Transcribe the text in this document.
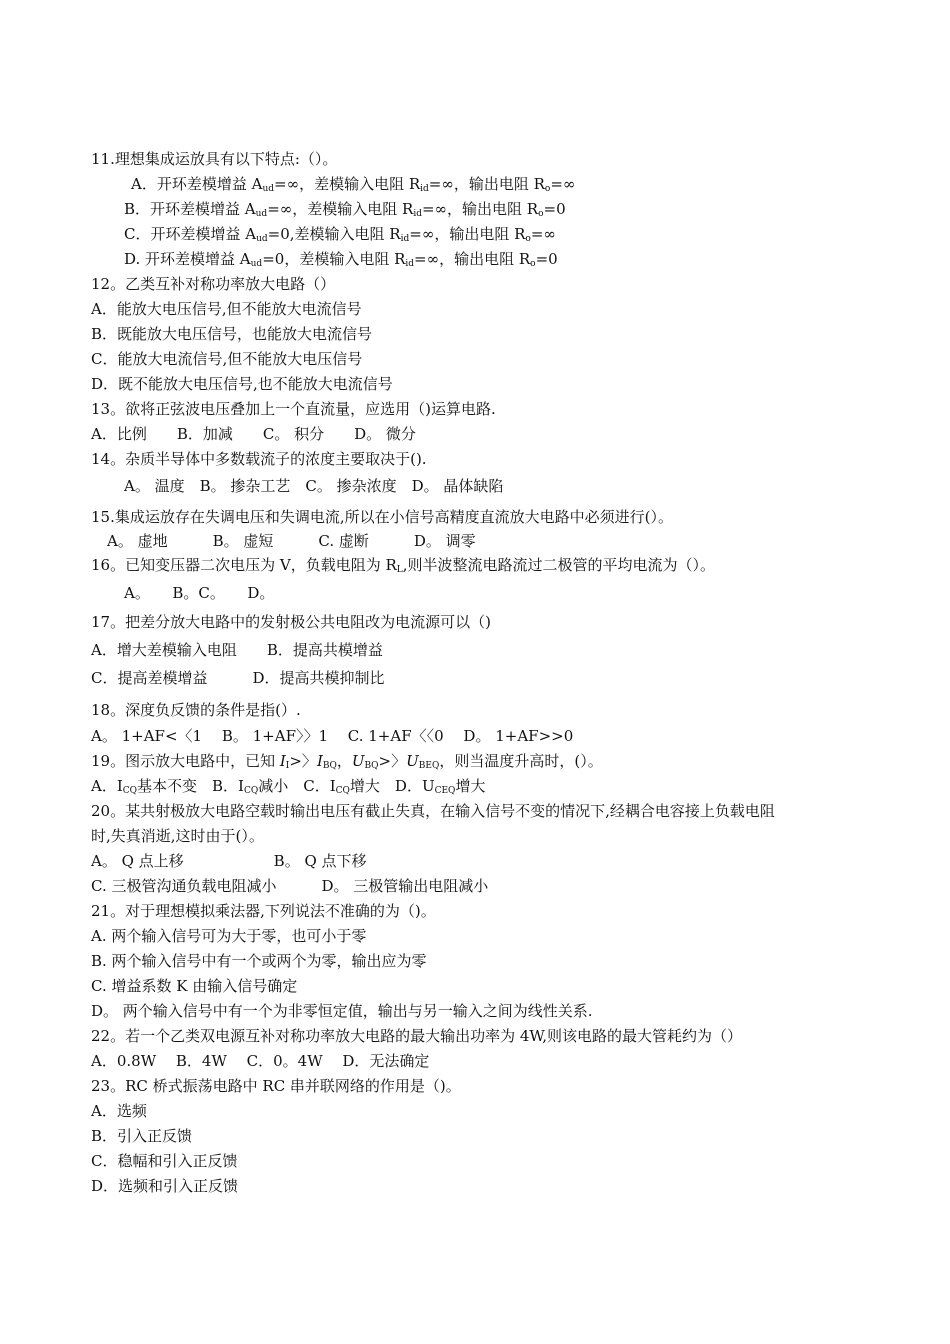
11.理想集成运放具有以下特点:（）。
A．开环差模增益 $A_{ud}=\infty$，差模输入电阻 $R_{id}=\infty$，输出电阻 $R_o=\infty$
B．开环差模增益 $A_{ud}=\infty$，差模输入电阻 $R_{id}=\infty$，输出电阻 $R_o=0$
C．开环差模增益 $A_{ud}=0$,差模输入电阻 $R_{id}=\infty$，输出电阻 $R_o=\infty$
D. 开环差模增益 $A_{ud}=0$，差模输入电阻 $R_{id}=\infty$，输出电阻 $R_o=0$
12。乙类互补对称功率放大电路（）
A．能放大电压信号,但不能放大电流信号
B．既能放大电压信号，也能放大电流信号
C．能放大电流信号,但不能放大电压信号
D．既不能放大电压信号,也不能放大电流信号
13。欲将正弦波电压叠加上一个直流量，应选用（)运算电路.
A．比例　　B．加减　　C。 积分　　D。 微分
14。杂质半导体中多数载流子的浓度主要取决于().
A。 温度　B。 掺杂工艺　C。 掺杂浓度　D。 晶体缺陷
15.集成运放存在失调电压和失调电流,所以在小信号高精度直流放大电路中必须进行(）。
A。 虚地　　　B。 虚短　　　C. 虚断　　　D。 调零
16。已知变压器二次电压为 V，负载电阻为 $R_L$,则半波整流电路流过二极管的平均电流为（）。
A。　　B。C。　　D。
17。把差分放大电路中的发射极公共电阻改为电流源可以（)
A．增大差模输入电阻　　B．提高共模增益
C．提高差模增益　　　D．提高共模抑制比
18。深度负反馈的条件是指(）.
A。 1+AF<〈1　 B。 1+AF〉〉1　 C. 1+AF〈〈0　 D。 1+AF>>0
19。图示放大电路中，已知 $I_I>$〉$I_{BQ}$，$U_{BQ}>$〉$U_{BEQ}$，则当温度升高时，(）。
A．$I_{CQ}$基本不变　B．$I_{CQ}$减小　C．$I_{CQ}$增大　D．$U_{CEQ}$增大
20。某共射极放大电路空载时输出电压有截止失真，在输入信号不变的情况下,经耦合电容接上负载电阻
时,失真消逝,这时由于(）。
A。 Q 点上移　　　　　　B。 Q 点下移
C. 三极管沟通负载电阻减小　　　D。 三极管输出电阻减小
21。对于理想模拟乘法器,下列说法不准确的为（)。
A. 两个输入信号可为大于零，也可小于零
B. 两个输入信号中有一个或两个为零，输出应为零
C. 增益系数 K 由输入信号确定
D。 两个输入信号中有一个为非零恒定值，输出与另一输入之间为线性关系.
22。若一个乙类双电源互补对称功率放大电路的最大输出功率为 4W,则该电路的最大管耗约为（）
A．0.8W　 B．4W　 C．0。4W　 D．无法确定
23。RC 桥式振荡电路中 RC 串并联网络的作用是（)。
A．选频
B．引入正反馈
C．稳幅和引入正反馈
D．选频和引入正反馈
